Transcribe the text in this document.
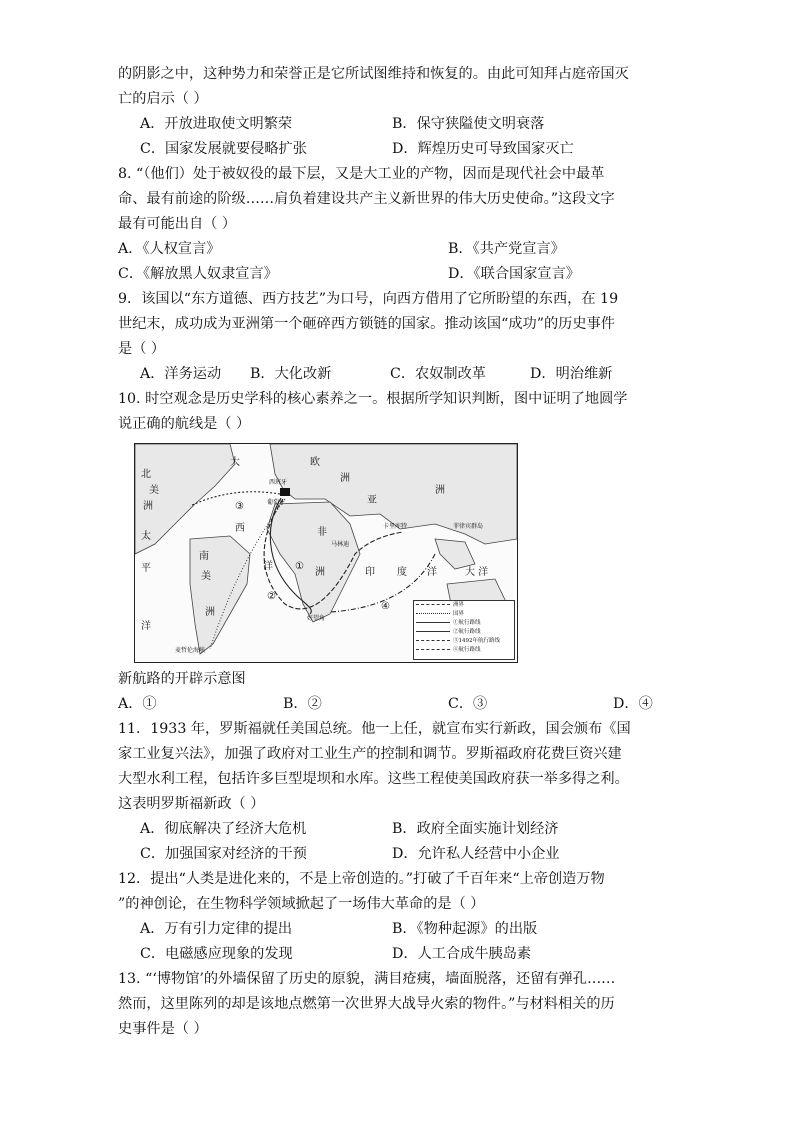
的阴影之中，这种势力和荣誉正是它所试图维持和恢复的。由此可知拜占庭帝国灭
亡的启示（ ）
A．开放进取使文明繁荣	B．保守狭隘使文明衰落
C．国家发展就要侵略扩张	D．辉煌历史可导致国家灭亡
8. “（他们）处于被奴役的最下层，又是大工业的产物，因而是现代社会中最革
命、最有前途的阶级……肩负着建设共产主义新世界的伟大历史使命。”这段文字
最有可能出自（ ）
A．《人权宣言》	B．《共产党宣言》
C．《解放黑人奴隶宣言》	D．《联合国家宣言》
9．该国以“东方道德、西方技艺”为口号，向西方借用了它所盼望的东西，在 19
世纪末，成功成为亚洲第一个砸碎西方锁链的国家。推动该国“成功”的历史事件
是（ ）
A．洋务运动	B．大化改新	C．农奴制改革	D．明治维新
10. 时空观念是历史学科的核心素养之一。根据所学知识判断，图中证明了地圆学
说正确的航线是（ ）
北
美
洲
大
西
洋
欧
洲
亚
洲
非
洲
南
美
洲
太
平
洋
印 度 洋	大 洋
西班牙
葡萄牙
卡里库特
马林迪
菲律宾群岛
好望角
麦哲伦海峡
③
①
②
④	洲界
国界
①航行路线
②航行路线
③1492年航行路线
④航行路线
新航路的开辟示意图
A．①	B．②	C．③	D．④
11．1933 年，罗斯福就任美国总统。他一上任，就宣布实行新政，国会颁布《国
家工业复兴法》，加强了政府对工业生产的控制和调节。罗斯福政府花费巨资兴建
大型水利工程，包括许多巨型堤坝和水库。这些工程使美国政府获一举多得之利。
这表明罗斯福新政（ ）
A．彻底解决了经济大危机	B．政府全面实施计划经济
C．加强国家对经济的干预	D．允许私人经营中小企业
12．提出“人类是进化来的，不是上帝创造的。”打破了千百年来“上帝创造万物
”的神创论，在生物科学领域掀起了一场伟大革命的是（ ）
A．万有引力定律的提出	B．《物种起源》的出版
C．电磁感应现象的发现	D．人工合成牛胰岛素
13. “‘博物馆’的外墙保留了历史的原貌，满目疮痍，墙面脱落，还留有弹孔……
然而，这里陈列的却是该地点燃第一次世界大战导火索的物件。”与材料相关的历
史事件是（ ）
